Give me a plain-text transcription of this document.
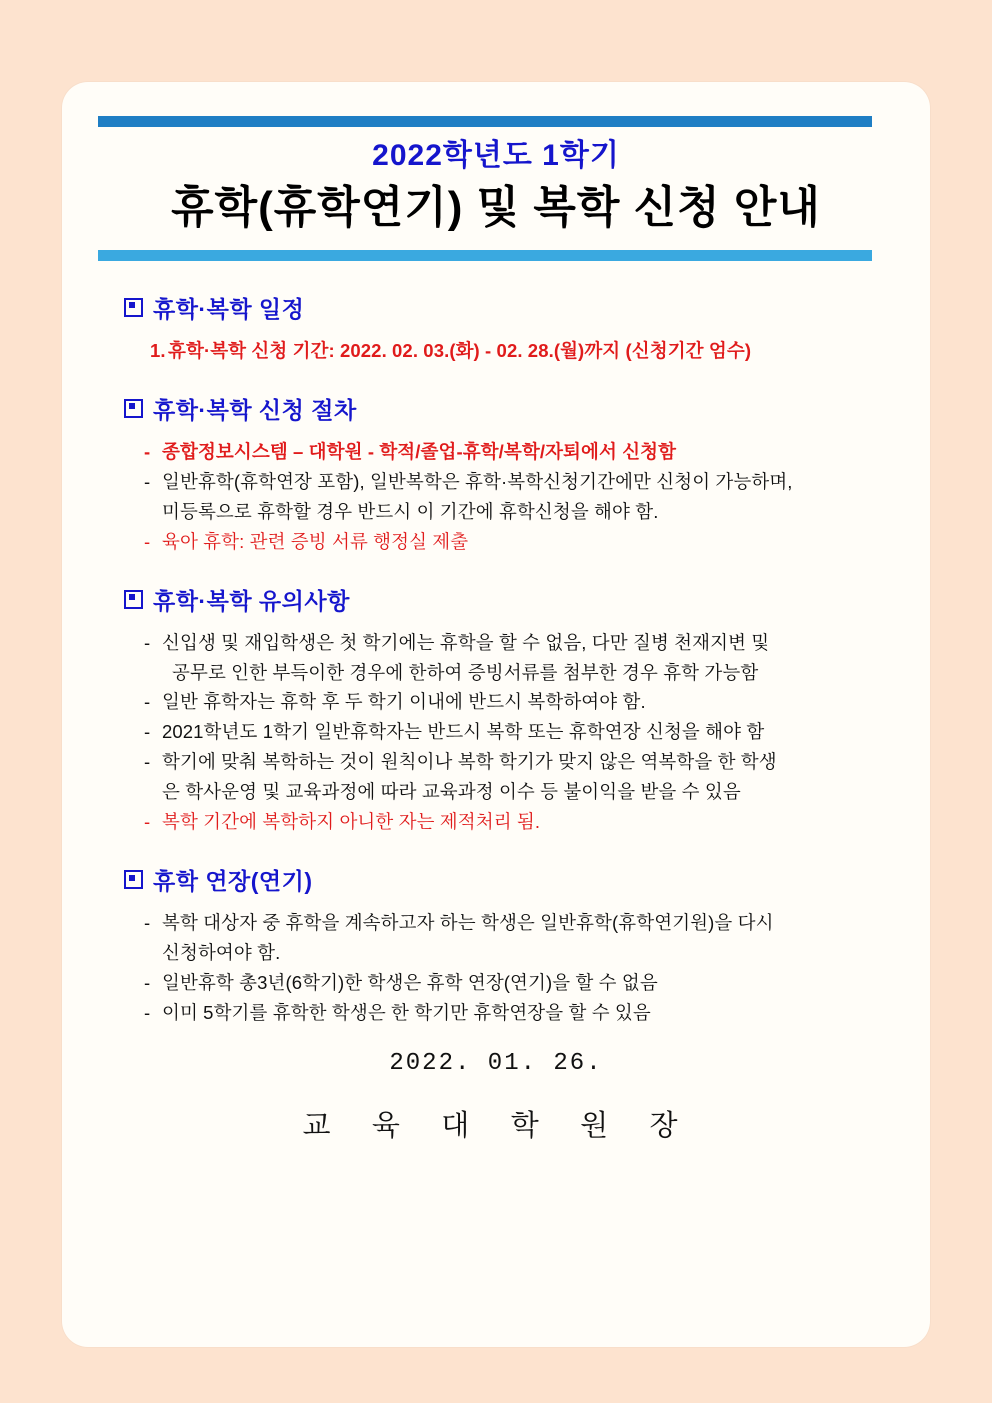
2022학년도 1학기
휴학(휴학연기) 및 복학 신청 안내
휴학·복학 일정
1. 휴학·복학 신청 기간: 2022. 02. 03.(화) - 02. 28.(월)까지 (신청기간 엄수)
휴학·복학 신청 절차
- 종합정보시스템 – 대학원 - 학적/졸업-휴학/복학/자퇴에서 신청함
- 일반휴학(휴학연장 포함), 일반복학은 휴학·복학신청기간에만 신청이 가능하며,
미등록으로 휴학할 경우 반드시 이 기간에 휴학신청을 해야 함.
- 육아 휴학: 관련 증빙 서류 행정실 제출
휴학·복학 유의사항
- 신입생 및 재입학생은 첫 학기에는 휴학을 할 수 없음, 다만 질병 천재지변 및
공무로 인한 부득이한 경우에 한하여 증빙서류를 첨부한 경우 휴학 가능함
- 일반 휴학자는 휴학 후 두 학기 이내에 반드시 복학하여야 함.
- 2021학년도 1학기 일반휴학자는 반드시 복학 또는 휴학연장 신청을 해야 함
- 학기에 맞춰 복학하는 것이 원칙이나 복학 학기가 맞지 않은 역복학을 한 학생
은 학사운영 및 교육과정에 따라 교육과정 이수 등 불이익을 받을 수 있음
- 복학 기간에 복학하지 아니한 자는 제적처리 됨.
휴학 연장(연기)
- 복학 대상자 중 휴학을 계속하고자 하는 학생은 일반휴학(휴학연기원)을 다시
신청하여야 함.
- 일반휴학 총3년(6학기)한 학생은 휴학 연장(연기)을 할 수 없음
- 이미 5학기를 휴학한 학생은 한 학기만 휴학연장을 할 수 있음
2022. 01. 26.
교 육 대 학 원 장
